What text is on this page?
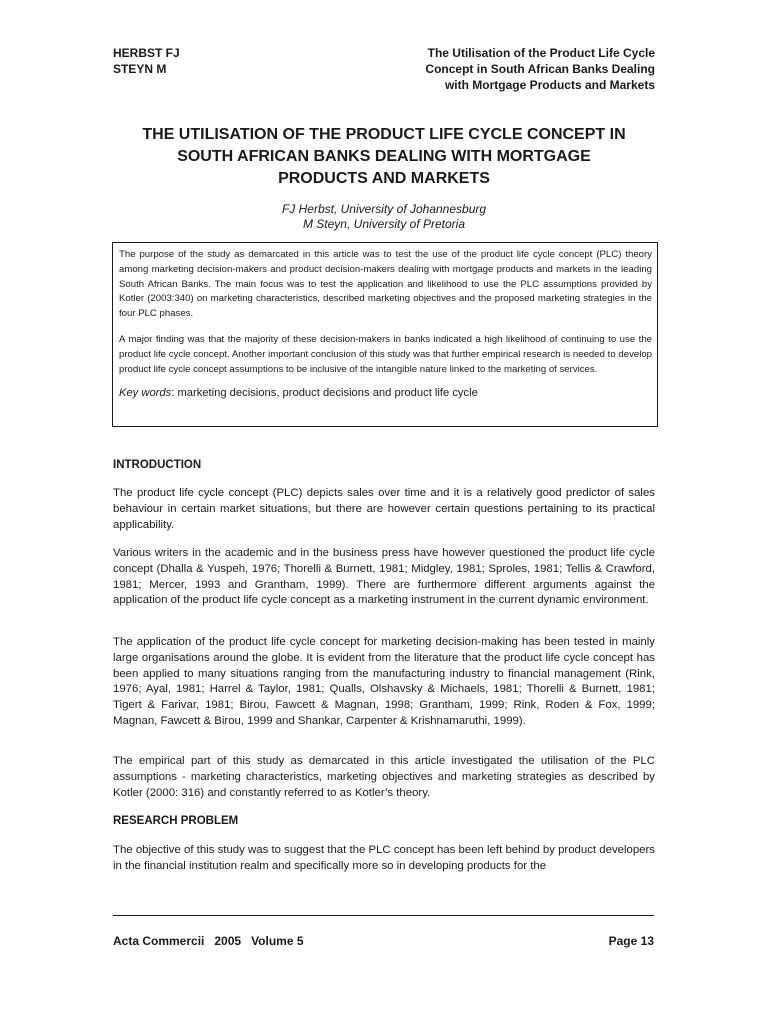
HERBST FJ
STEYN M
The Utilisation of the Product Life Cycle
Concept in South African Banks Dealing
with Mortgage Products and Markets
THE UTILISATION OF THE PRODUCT LIFE CYCLE CONCEPT IN
SOUTH AFRICAN BANKS DEALING WITH MORTGAGE
PRODUCTS AND MARKETS
FJ Herbst, University of Johannesburg
M Steyn, University of Pretoria

The purpose of the study as demarcated in this article was to test the use of the product life cycle concept (PLC) theory among marketing decision-makers and product decision-makers dealing with mortgage products and markets in the leading South African Banks. The main focus was to test the application and likelihood to use the PLC assumptions provided by Kotler (2003:340) on marketing characteristics, described marketing objectives and the proposed marketing strategies in the four PLC phases.

A major finding was that the majority of these decision-makers in banks indicated a high likelihood of continuing to use the product life cycle concept. Another important conclusion of this study was that further empirical research is needed to develop product life cycle concept assumptions to be inclusive of the intangible nature linked to the marketing of services.

Key words: marketing decisions, product decisions and product life cycle
INTRODUCTION

The product life cycle concept (PLC) depicts sales over time and it is a relatively good predictor of sales behaviour in certain market situations, but there are however certain questions pertaining to its practical applicability.

Various writers in the academic and in the business press have however questioned the product life cycle concept (Dhalla & Yuspeh, 1976; Thorelli & Burnett, 1981; Midgley, 1981; Sproles, 1981; Tellis & Crawford, 1981; Mercer, 1993 and Grantham, 1999). There are furthermore different arguments against the application of the product life cycle concept as a marketing instrument in the current dynamic environment.

The application of the product life cycle concept for marketing decision-making has been tested in mainly large organisations around the globe. It is evident from the literature that the product life cycle concept has been applied to many situations ranging from the manufacturing industry to financial management (Rink, 1976; Ayal, 1981; Harrel & Taylor, 1981; Qualls, Olshavsky & Michaels, 1981; Thorelli & Burnett, 1981; Tigert & Farivar, 1981; Birou, Fawcett & Magnan, 1998; Grantham, 1999; Rink, Roden & Fox, 1999; Magnan, Fawcett & Birou, 1999 and Shankar, Carpenter & Krishnamaruthi, 1999).

The empirical part of this study as demarcated in this article investigated the utilisation of the PLC assumptions - marketing characteristics, marketing objectives and marketing strategies as described by Kotler (2000: 316) and constantly referred to as Kotler’s theory.

RESEARCH PROBLEM

The objective of this study was to suggest that the PLC concept has been left behind by product developers in the financial institution realm and specifically more so in developing products for the

Acta Commercii   2005   Volume 5	Page 13
